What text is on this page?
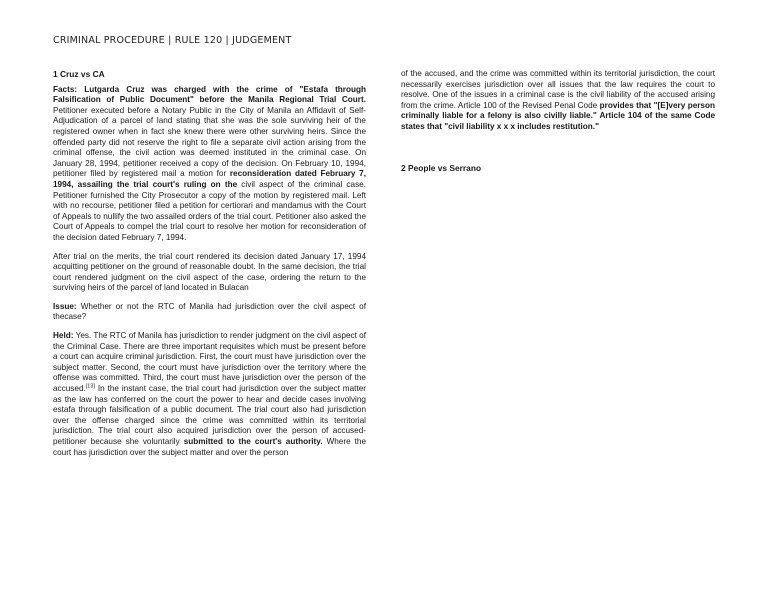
CRIMINAL PROCEDURE | RULE 120 | JUDGEMENT
1 Cruz vs CA

Facts: Lutgarda Cruz was charged with the crime of "Estafa through Falsification of Public Document" before the Manila Regional Trial Court. Petitioner executed before a Notary Public in the City of Manila an Affidavit of Self-Adjudication of a parcel of land stating that she was the sole surviving heir of the registered owner when in fact she knew there were other surviving heirs. Since the offended party did not reserve the right to file a separate civil action arising from the criminal offense, the civil action was deemed instituted in the criminal case. On January 28, 1994, petitioner received a copy of the decision. On February 10, 1994, petitioner filed by registered mail a motion for reconsideration dated February 7, 1994, assailing the trial court's ruling on the civil aspect of the criminal case. Petitioner furnished the City Prosecutor a copy of the motion by registered mail. Left with no recourse, petitioner filed a petition for certiorari and mandamus with the Court of Appeals to nullify the two assailed orders of the trial court. Petitioner also asked the Court of Appeals to compel the trial court to resolve her motion for reconsideration of the decision dated February 7, 1994.

After trial on the merits, the trial court rendered its decision dated January 17, 1994 acquitting petitioner on the ground of reasonable doubt. In the same decision, the trial court rendered judgment on the civil aspect of the case, ordering the return to the surviving heirs of the parcel of land located in Bulacan

Issue: Whether or not the RTC of Manila had jurisdiction over the civil aspect of thecase?

Held: Yes. The RTC of Manila has jurisdiction to render judgment on the civil aspect of the Criminal Case. There are three important requisites which must be present before a court can acquire criminal jurisdiction. First, the court must have jurisdiction over the subject matter. Second, the court must have jurisdiction over the territory where the offense was committed. Third, the court must have jurisdiction over the person of the accused.[13] In the instant case, the trial court had jurisdiction over the subject matter as the law has conferred on the court the power to hear and decide cases involving estafa through falsification of a public document. The trial court also had jurisdiction over the offense charged since the crime was committed within its territorial jurisdiction. The trial court also acquired jurisdiction over the person of accused-petitioner because she voluntarily submitted to the court's authority. Where the court has jurisdiction over the subject matter and over the person

of the accused, and the crime was committed within its territorial jurisdiction, the court necessarily exercises jurisdiction over all issues that the law requires the court to resolve. One of the issues in a criminal case is the civil liability of the accused arising from the crime. Article 100 of the Revised Penal Code provides that "[E]very person criminally liable for a felony is also civilly liable." Article 104 of the same Code states that "civil liability x x x includes restitution."

2 People vs Serrano
